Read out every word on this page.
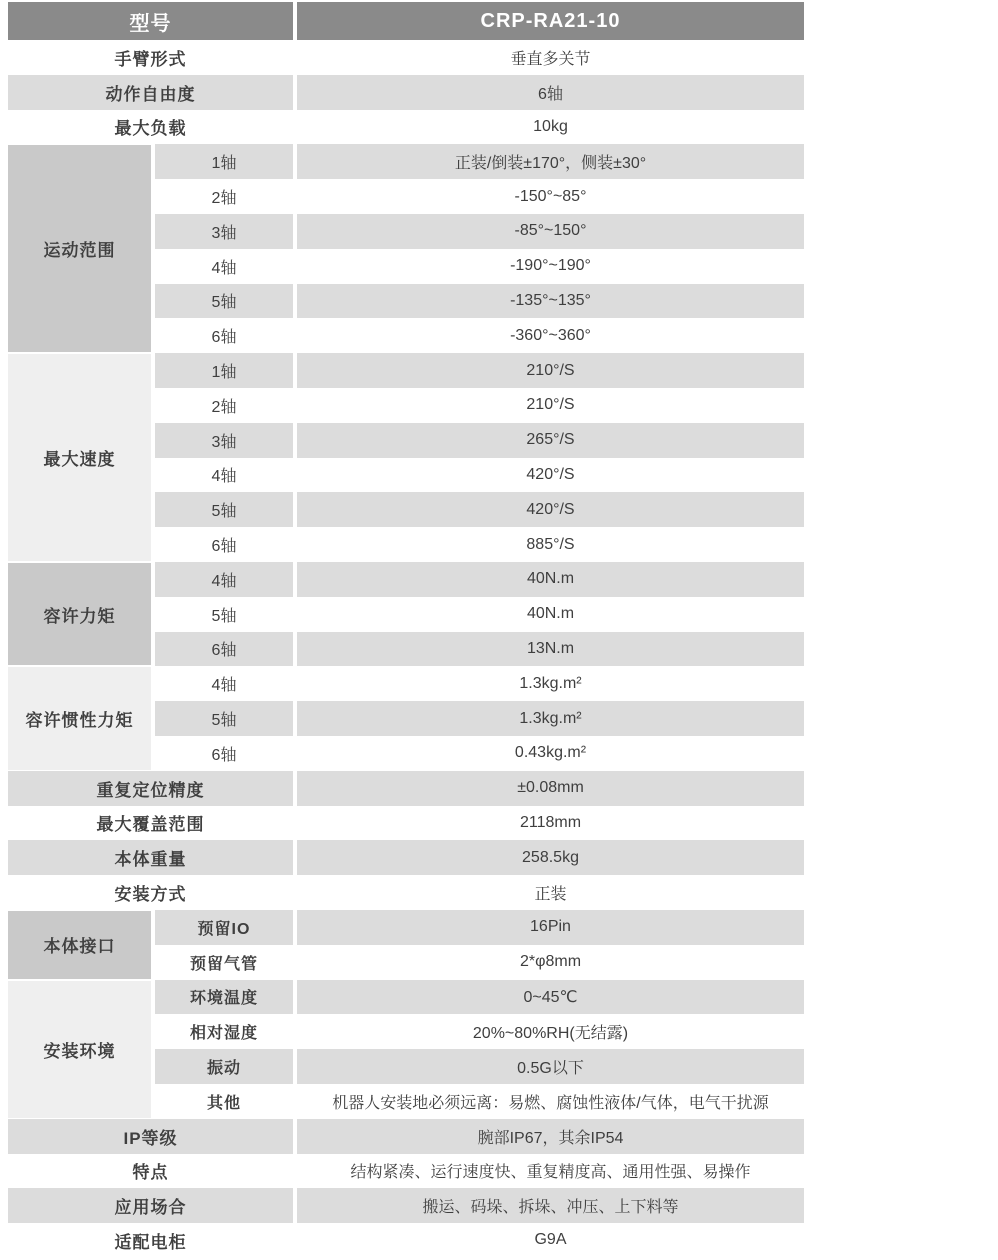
型号	CRP-RA21-10
手臂形式	垂直多关节
动作自由度	6轴
最大负载	10kg
运动范围
1轴	正装/倒装±170°，侧装±30°
2轴	-150°~85°
3轴	-85°~150°
4轴	-190°~190°
5轴	-135°~135°
6轴	-360°~360°
最大速度
1轴	210°/S
2轴	210°/S
3轴	265°/S
4轴	420°/S
5轴	420°/S
6轴	885°/S
容许力矩
4轴	40N.m
5轴	40N.m
6轴	13N.m
容许惯性力矩
4轴	1.3kg.m²
5轴	1.3kg.m²
6轴	0.43kg.m²
重复定位精度	±0.08mm
最大覆盖范围	2118mm
本体重量	258.5kg
安装方式	正装
本体接口
预留IO	16Pin
预留气管	2*φ8mm
安装环境
环境温度	0~45℃
相对湿度	20%~80%RH(无结露)
振动	0.5G以下
其他	机器人安装地必须远离：易燃、腐蚀性液体/气体，电气干扰源
IP等级	腕部IP67，其余IP54
特点	结构紧凑、运行速度快、重复精度高、通用性强、易操作
应用场合	搬运、码垛、拆垛、冲压、上下料等
适配电柜	G9A
